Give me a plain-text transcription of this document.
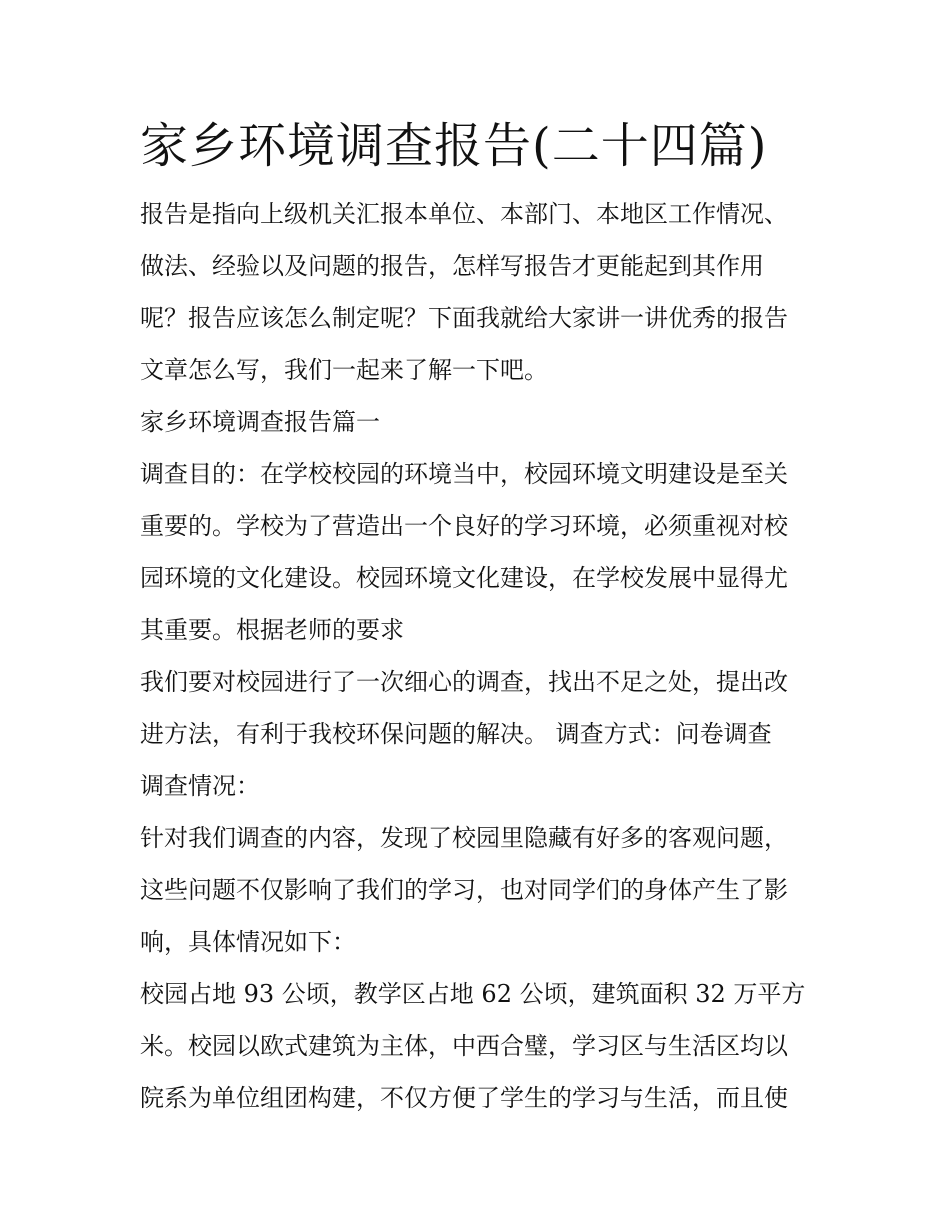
家乡环境调查报告(二十四篇)

报告是指向上级机关汇报本单位、本部门、本地区工作情况、
做法、经验以及问题的报告，怎样写报告才更能起到其作用
呢？报告应该怎么制定呢？下面我就给大家讲一讲优秀的报告
文章怎么写，我们一起来了解一下吧。

家乡环境调查报告篇一

调查目的：在学校校园的环境当中，校园环境文明建设是至关
重要的。学校为了营造出一个良好的学习环境，必须重视对校
园环境的文化建设。校园环境文化建设，在学校发展中显得尤
其重要。根据老师的要求

我们要对校园进行了一次细心的调查，找出不足之处，提出改
进方法，有利于我校环保问题的解决。 调查方式：问卷调查

调查情况：

针对我们调查的内容，发现了校园里隐藏有好多的客观问题，
这些问题不仅影响了我们的学习，也对同学们的身体产生了影
响，具体情况如下：

校园占地 93 公顷，教学区占地 62 公顷，建筑面积 32 万平方
米。校园以欧式建筑为主体，中西合璧，学习区与生活区均以
院系为单位组团构建，不仅方便了学生的学习与生活，而且使
